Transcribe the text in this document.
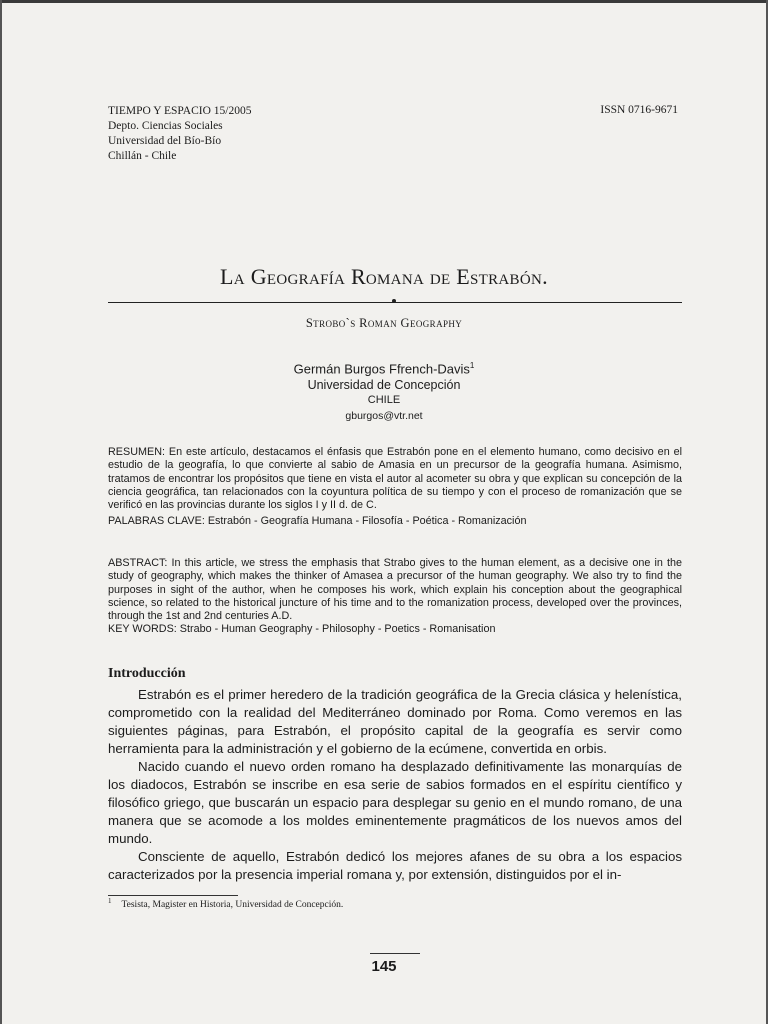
TIEMPO Y ESPACIO 15/2005
Depto. Ciencias Sociales
Universidad del Bío-Bío
Chillán - Chile
ISSN 0716-9671
La Geografía Romana de Estrabón.
Strobo`s Roman Geography
Germán Burgos Ffrench-Davis$^1$
Universidad de Concepción
CHILE
gburgos@vtr.net

RESUMEN: En este artículo, destacamos el énfasis que Estrabón pone en el elemento humano, como decisivo en el estudio de la geografía, lo que convierte al sabio de Amasia en un precursor de la geografía humana. Asimismo, tratamos de encontrar los propósitos que tiene en vista el autor al acometer su obra y que explican su concepción de la ciencia geográfica, tan relacionados con la coyuntura política de su tiempo y con el proceso de romanización que se verificó en las provincias durante los siglos I y II d. de C.

PALABRAS CLAVE: Estrabón - Geografía Humana - Filosofía - Poética - Romanización

ABSTRACT: In this article, we stress the emphasis that Strabo gives to the human element, as a decisive one in the study of geography, which makes the thinker of Amasea a precursor of the human geography. We also try to find the purposes in sight of the author, when he composes his work, which explain his conception about the geographical science, so related to the historical juncture of his time and to the romanization process, developed over the provinces, through the 1st and 2nd centuries A.D.

KEY WORDS: Strabo - Human Geography - Philosophy - Poetics - Romanisation

Introducción

Estrabón es el primer heredero de la tradición geográfica de la Grecia clásica y helenística, comprometido con la realidad del Mediterráneo dominado por Roma. Como veremos en las siguientes páginas, para Estrabón, el propósito capital de la geografía es servir como herramienta para la administración y el gobierno de la ecúmene, convertida en orbis.

Nacido cuando el nuevo orden romano ha desplazado definitivamente las monarquías de los diadocos, Estrabón se inscribe en esa serie de sabios formados en el espíritu científico y filosófico griego, que buscarán un espacio para desplegar su genio en el mundo romano, de una manera que se acomode a los moldes eminentemente pragmáticos de los nuevos amos del mundo.

Consciente de aquello, Estrabón dedicó los mejores afanes de su obra a los espacios caracterizados por la presencia imperial romana y, por extensión, distinguidos por el in-

$^1$ Tesista, Magister en Historia, Universidad de Concepción.
145
